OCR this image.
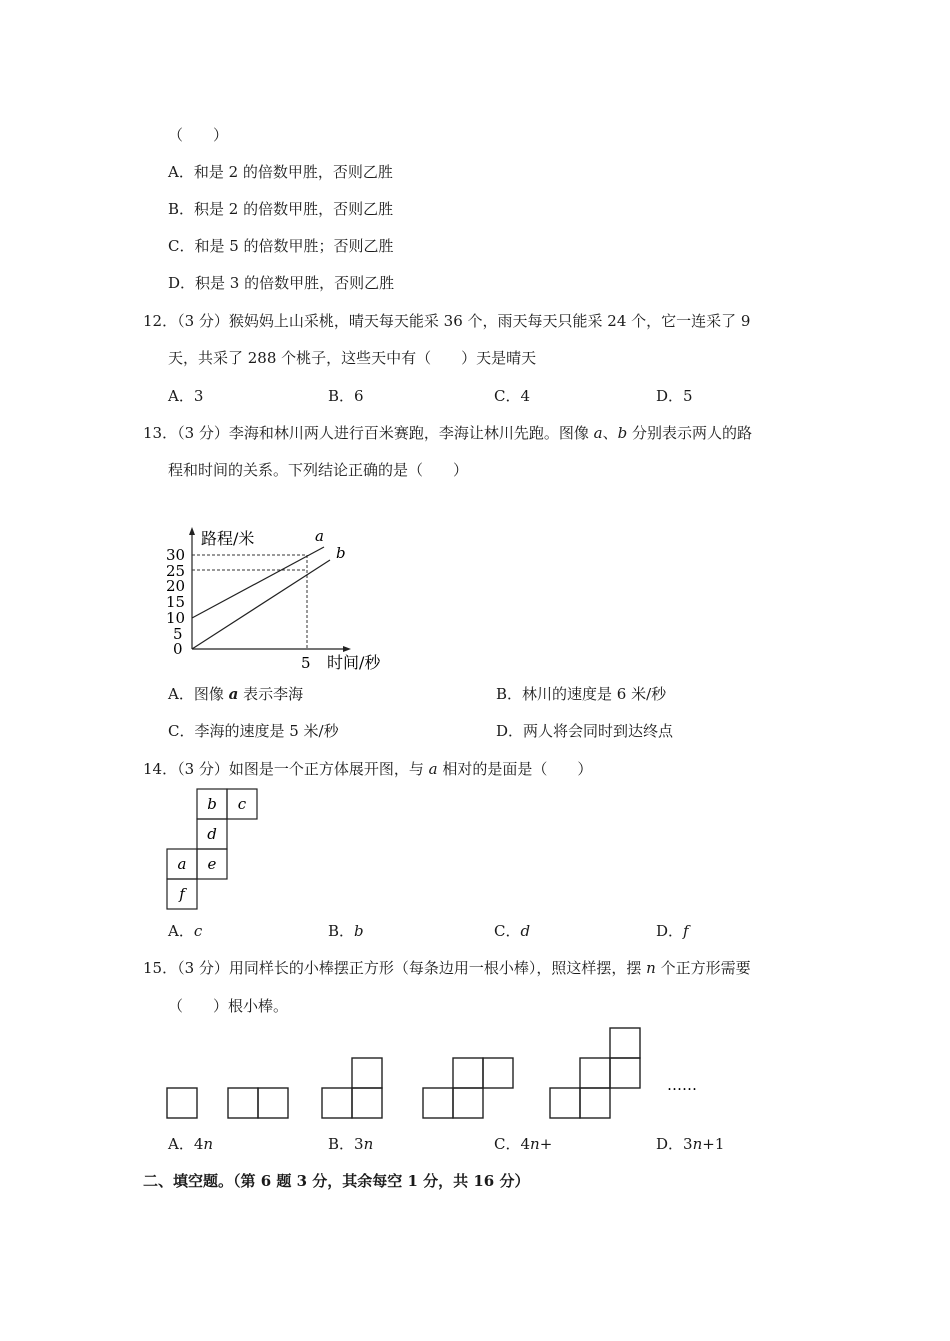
（　　）
A．和是 2 的倍数甲胜，否则乙胜
B．积是 2 的倍数甲胜，否则乙胜
C．和是 5 的倍数甲胜；否则乙胜
D．积是 3 的倍数甲胜，否则乙胜
12．（3 分）猴妈妈上山采桃，晴天每天能采 36 个，雨天每天只能采 24 个，它一连采了 9
天，共采了 288 个桃子，这些天中有（　　）天是晴天
A．3	B．6	C．4	D．5
13．（3 分）李海和林川两人进行百米赛跑，李海让林川先跑。图像 a、b 分别表示两人的路
程和时间的关系。下列结论正确的是（　　）
路程/米
时间/秒
30
25
20
15
10
5
0
5
a
b
A．图像 a 表示李海	B．林川的速度是 6 米/秒
C．李海的速度是 5 米/秒	D．两人将会同时到达终点
14．（3 分）如图是一个正方体展开图，与 a 相对的是面是（　　）
b c
d
a e
f
A．c	B．b	C．d	D．f
15．（3 分）用同样长的小棒摆正方形（每条边用一根小棒），照这样摆，摆 n 个正方形需要
（　　）根小棒。
……
A．4n	B．3n	C．4n+	D．3n+1
二、填空题。（第 6 题 3 分，其余每空 1 分，共 16 分）
